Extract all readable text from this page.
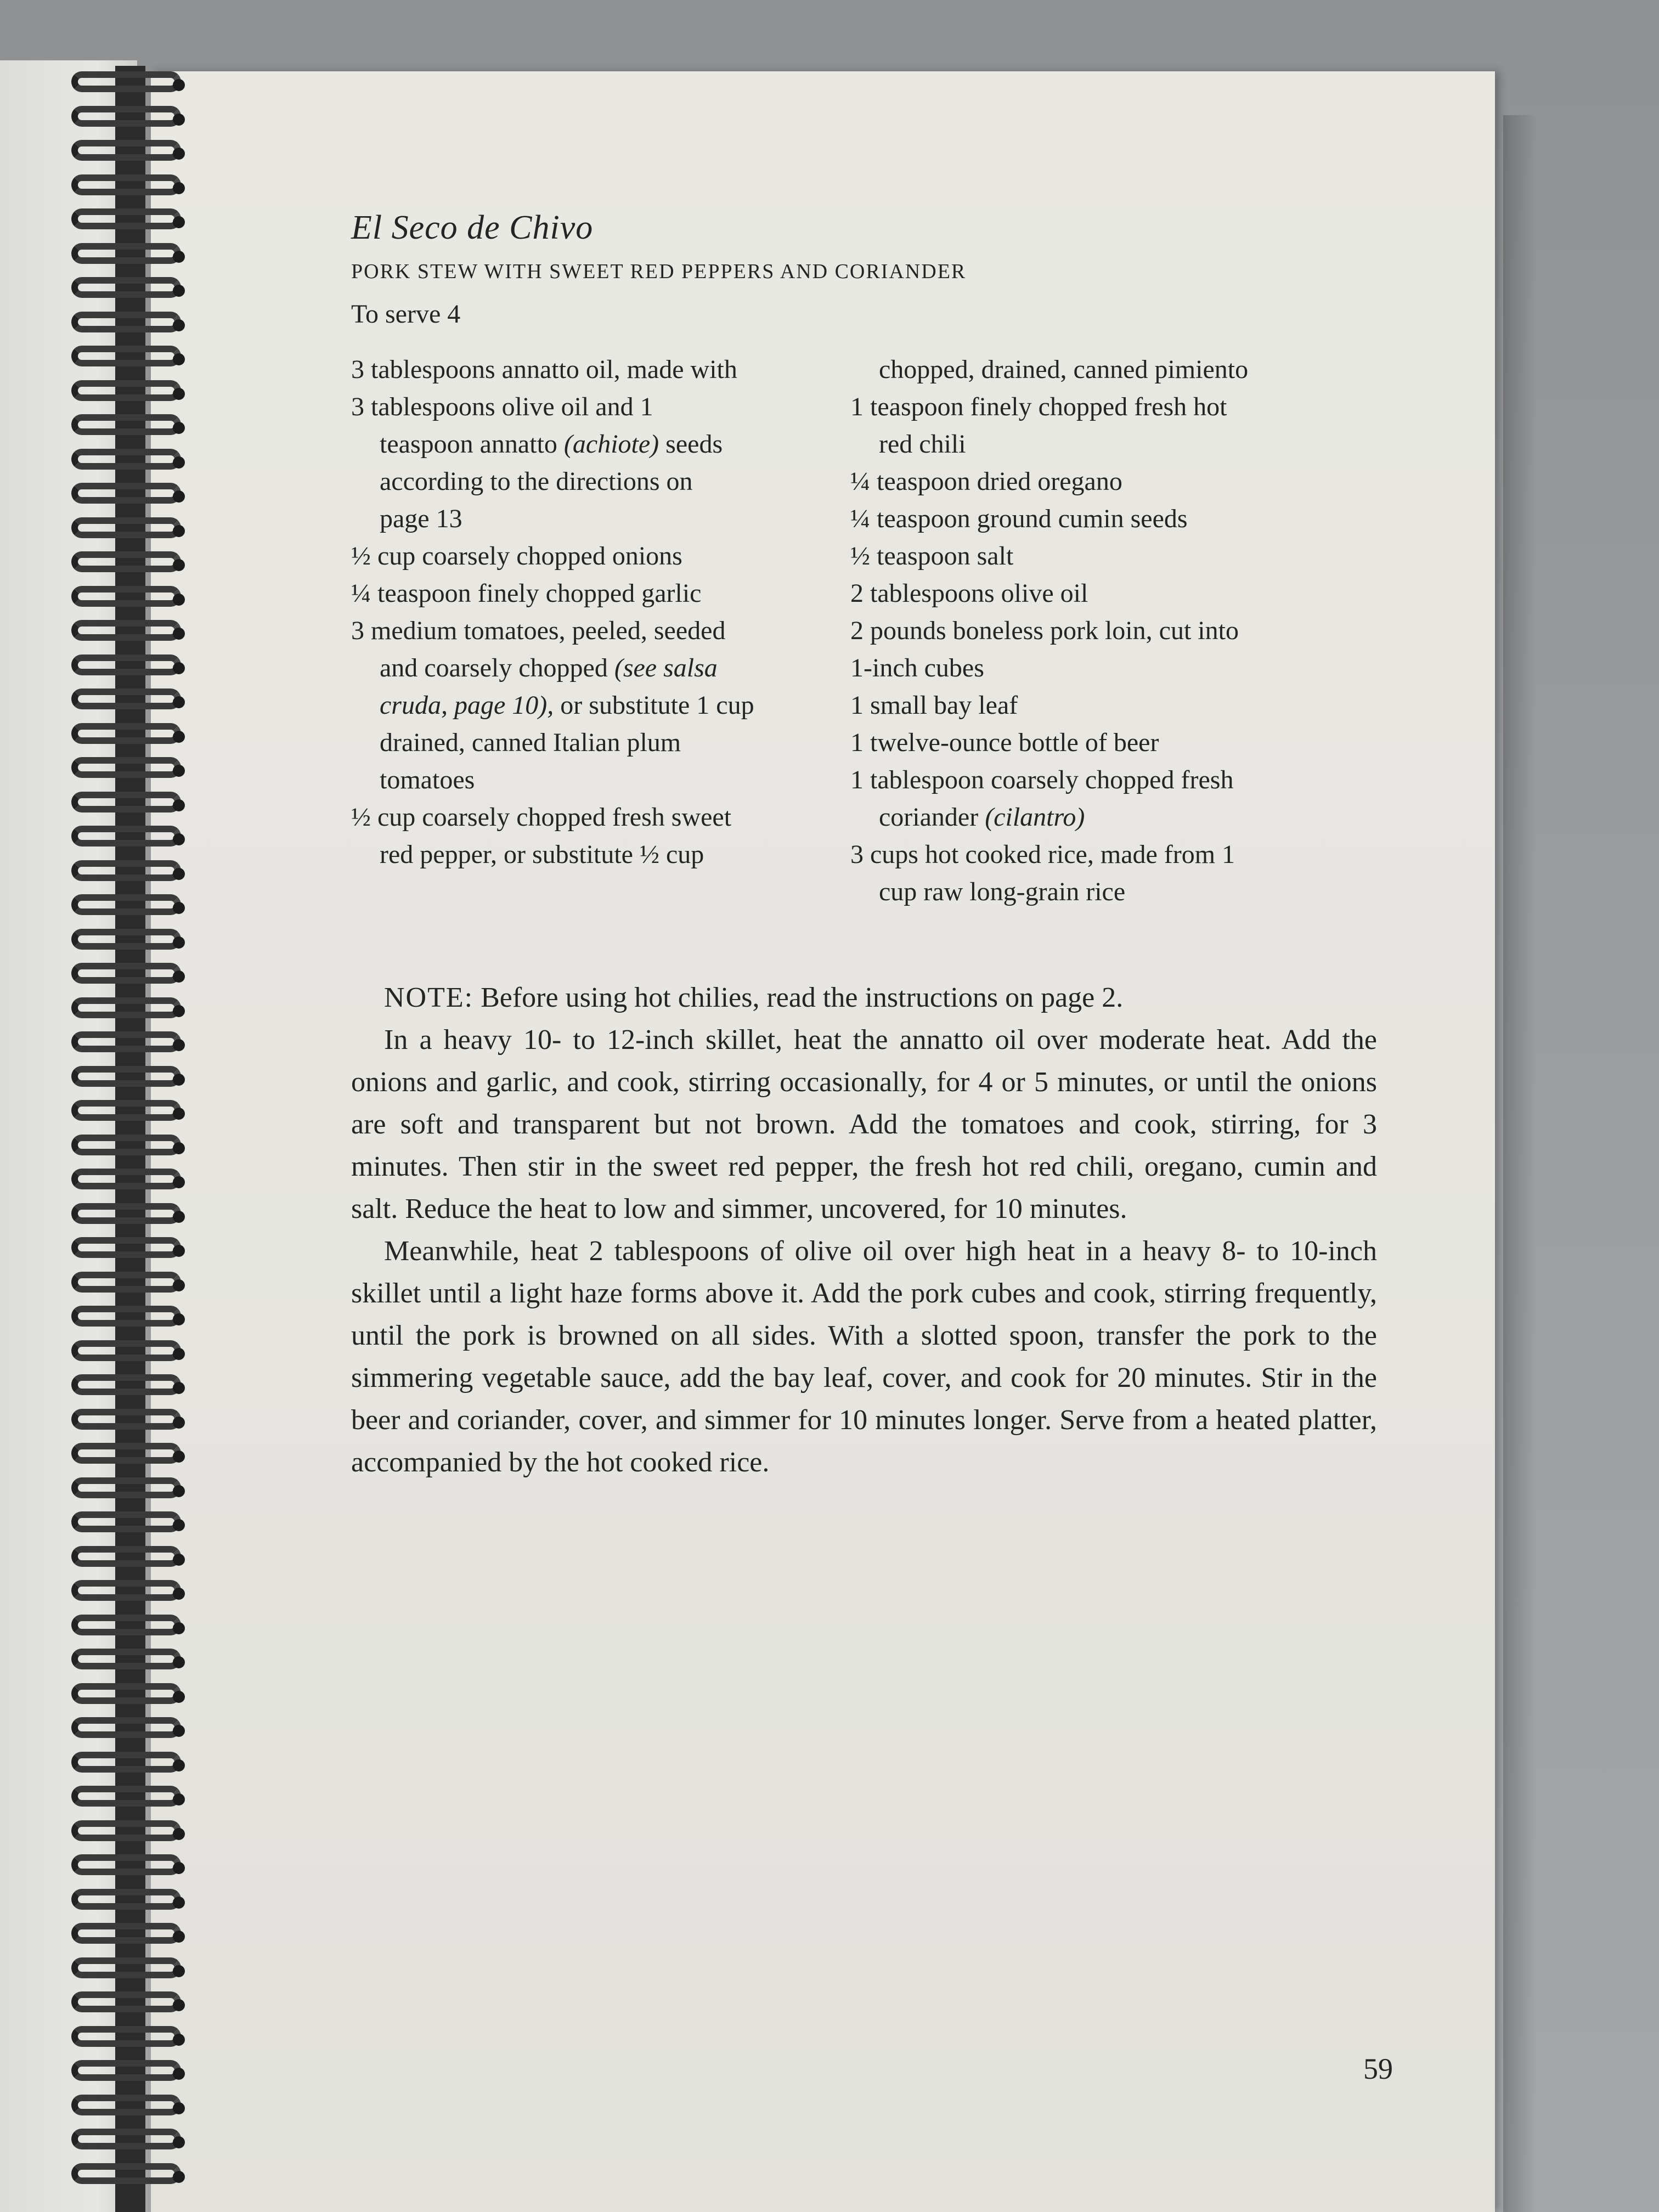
El Seco de Chivo
PORK STEW WITH SWEET RED PEPPERS AND CORIANDER
To serve 4
3 tablespoons annatto oil, made with
3 tablespoons olive oil and 1
teaspoon annatto (achiote) seeds
according to the directions on
page 13
½ cup coarsely chopped onions
¼ teaspoon finely chopped garlic
3 medium tomatoes, peeled, seeded
and coarsely chopped (see salsa
cruda, page 10), or substitute 1 cup
drained, canned Italian plum
tomatoes
½ cup coarsely chopped fresh sweet
red pepper, or substitute ½ cup
chopped, drained, canned pimiento
1 teaspoon finely chopped fresh hot
red chili
¼ teaspoon dried oregano
¼ teaspoon ground cumin seeds
½ teaspoon salt
2 tablespoons olive oil
2 pounds boneless pork loin, cut into
1-inch cubes
1 small bay leaf
1 twelve-ounce bottle of beer
1 tablespoon coarsely chopped fresh
coriander (cilantro)
3 cups hot cooked rice, made from 1
cup raw long-grain rice

NOTE: Before using hot chilies, read the instructions on page 2.

In a heavy 10- to 12-inch skillet, heat the annatto oil over moderate heat. Add the onions and garlic, and cook, stirring occasionally, for 4 or 5 minutes, or until the onions are soft and transparent but not brown. Add the tomatoes and cook, stirring, for 3 minutes. Then stir in the sweet red pepper, the fresh hot red chili, oregano, cumin and salt. Reduce the heat to low and simmer, uncovered, for 10 minutes.

Meanwhile, heat 2 tablespoons of olive oil over high heat in a heavy 8- to 10-inch skillet until a light haze forms above it. Add the pork cubes and cook, stirring frequently, until the pork is browned on all sides. With a slotted spoon, transfer the pork to the simmering vegetable sauce, add the bay leaf, cover, and cook for 20 minutes. Stir in the beer and coriander, cover, and simmer for 10 minutes longer. Serve from a heated platter, accompanied by the hot cooked rice.

59
